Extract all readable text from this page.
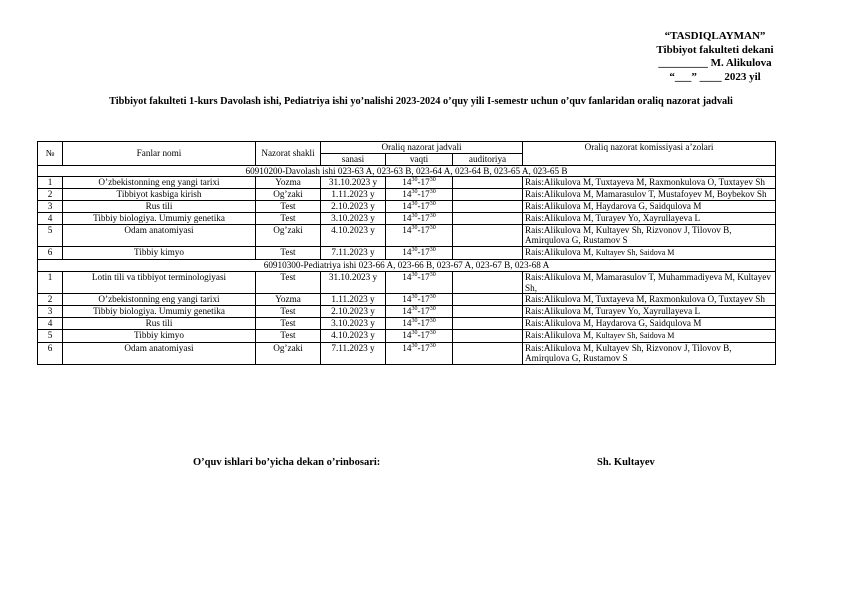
“TASDIQLAYMAN”
Tibbiyot fakulteti dekani
_________ M. Alikulova
“___” ____ 2023 yil
Tibbiyot fakulteti 1-kurs Davolash ishi, Pediatriya ishi yo’nalishi 2023-2024 o’quy yili I-semestr uchun o’quv fanlaridan oraliq nazorat jadvali
№	Fanlar nomi	Nazorat shakli	Oraliq nazorat jadvali			Oraliq nazorat komissiyasi a’zolari
			sanasi	vaqti	auditoriya	
60910200-Davolash ishi 023-63 A, 023-63 B, 023-64 A, 023-64 B, 023-65 A, 023-65 B						
1	O’zbekistonning eng yangi tarixi	Yozma	31.10.2023 y	$14^{30}-17^{30}$		Rais:Alikulova M, Tuxtayeva M, Raxmonkulova O, Tuxtayev Sh
2	Tibbiyot kasbiga kirish	Og’zaki	1.11.2023 y	$14^{30}-17^{30}$		Rais:Alikulova M, Mamarasulov T, Mustafoyev M, Boybekov Sh
3	Rus tili	Test	2.10.2023 y	$14^{30}-17^{30}$		Rais:Alikulova M, Haydarova G, Saidqulova M
4	Tibbiy biologiya. Umumiy genetika	Test	3.10.2023 y	$14^{30}-17^{30}$		Rais:Alikulova M, Turayev Yo, Xayrullayeva L
5	Odam anatomiyasi	Og’zaki	4.10.2023 y	$14^{30}-17^{30}$		Rais:Alikulova M, Kultayev Sh, Rizvonov J, Tilovov B, Amirqulova G, Rustamov S
6	Tibbiy kimyo	Test	7.11.2023 y	$14^{30}-17^{30}$		Rais:Alikulova M, Kultayev Sh, Saidova M
60910300-Pediatriya ishi 023-66 A, 023-66 B, 023-67 A, 023-67 B, 023-68 A						
1	Lotin tili va tibbiyot terminologiyasi	Test	31.10.2023 y	$14^{30}-17^{30}$		Rais:Alikulova M, Mamarasulov T, Muhammadiyeva M, Kultayev Sh,
2	O’zbekistonning eng yangi tarixi	Yozma	1.11.2023 y	$14^{30}-17^{30}$		Rais:Alikulova M, Tuxtayeva M, Raxmonkulova O, Tuxtayev Sh
3	Tibbiy biologiya. Umumiy genetika	Test	2.10.2023 y	$14^{30}-17^{30}$		Rais:Alikulova M, Turayev Yo, Xayrullayeva L
4	Rus tili	Test	3.10.2023 y	$14^{30}-17^{30}$		Rais:Alikulova M, Haydarova G, Saidqulova M
5	Tibbiy kimyo	Test	4.10.2023 y	$14^{30}-17^{30}$		Rais:Alikulova M, Kultayev Sh, Saidova M
6	Odam anatomiyasi	Og’zaki	7.11.2023 y	$14^{30}-17^{30}$		Rais:Alikulova M, Kultayev Sh, Rizvonov J, Tilovov B, Amirqulova G, Rustamov S
O’quv ishlari bo’yicha dekan o’rinbosari:	Sh. Kultayev
